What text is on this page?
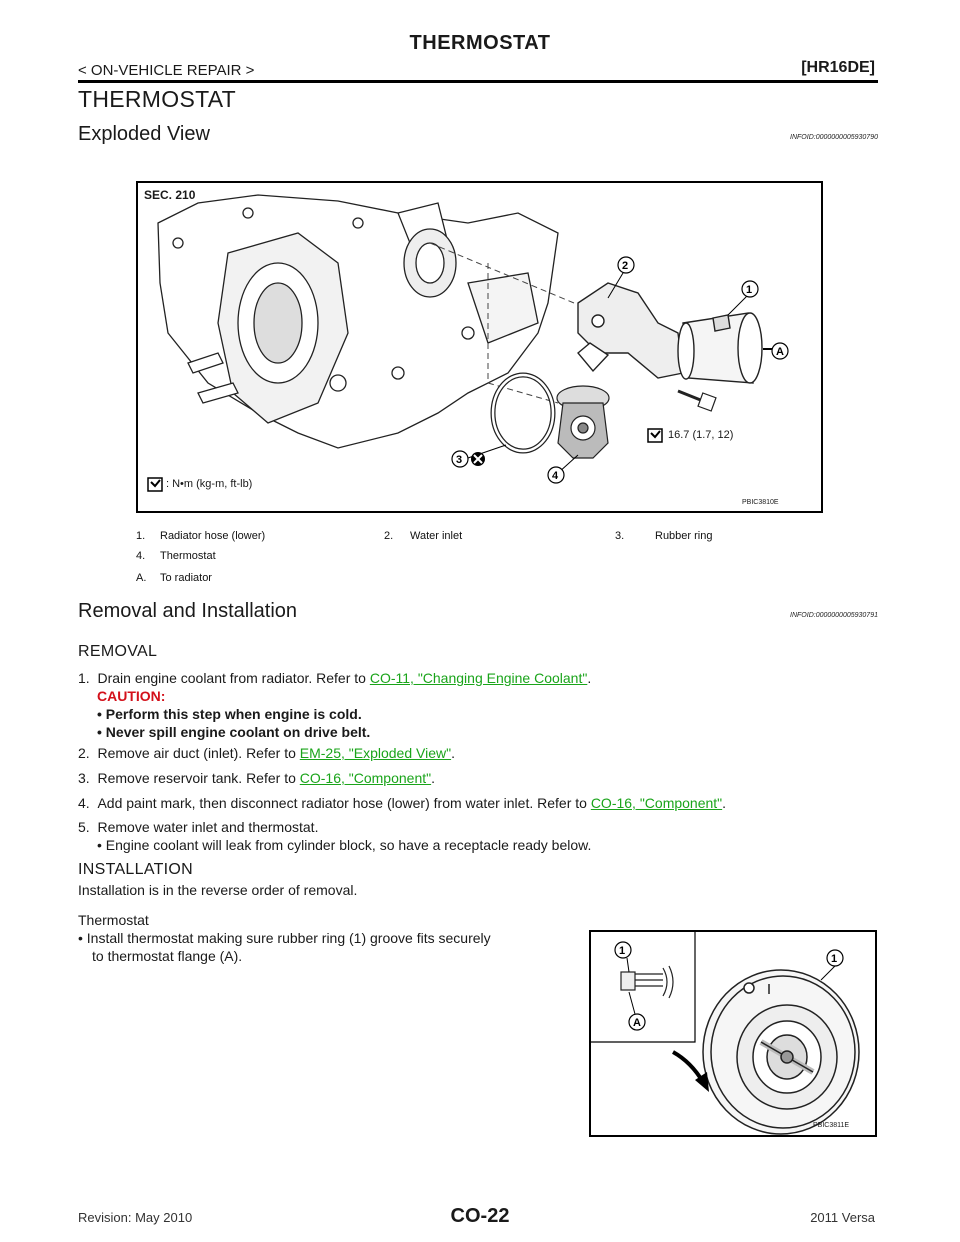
THERMOSTAT
< ON-VEHICLE REPAIR >	[HR16DE]
THERMOSTAT
Exploded View	INFOID:0000000005930790
2
1
A
3
4
SEC. 210
16.7 (1.7, 12)
: N•m (kg-m, ft-lb)
PBIC3810E
1. Radiator hose (lower)	2. Water inlet	3.	Rubber ring
4. Thermostat
A. To radiator
Removal and Installation	INFOID:0000000005930791
REMOVAL
1. Drain engine coolant from radiator. Refer to CO-11, "Changing Engine Coolant".
CAUTION:
• Perform this step when engine is cold.
• Never spill engine coolant on drive belt.
2. Remove air duct (inlet). Refer to EM-25, "Exploded View".
3. Remove reservoir tank. Refer to CO-16, "Component".
4. Add paint mark, then disconnect radiator hose (lower) from water inlet. Refer to CO-16, "Component".
5. Remove water inlet and thermostat.
• Engine coolant will leak from cylinder block, so have a receptacle ready below.
INSTALLATION
Installation is in the reverse order of removal.
Thermostat
• Install thermostat making sure rubber ring (1) groove fits securely
to thermostat flange (A).	1
1
A
PBIC3811E
Revision: May 2010	CO-22	2011 Versa
